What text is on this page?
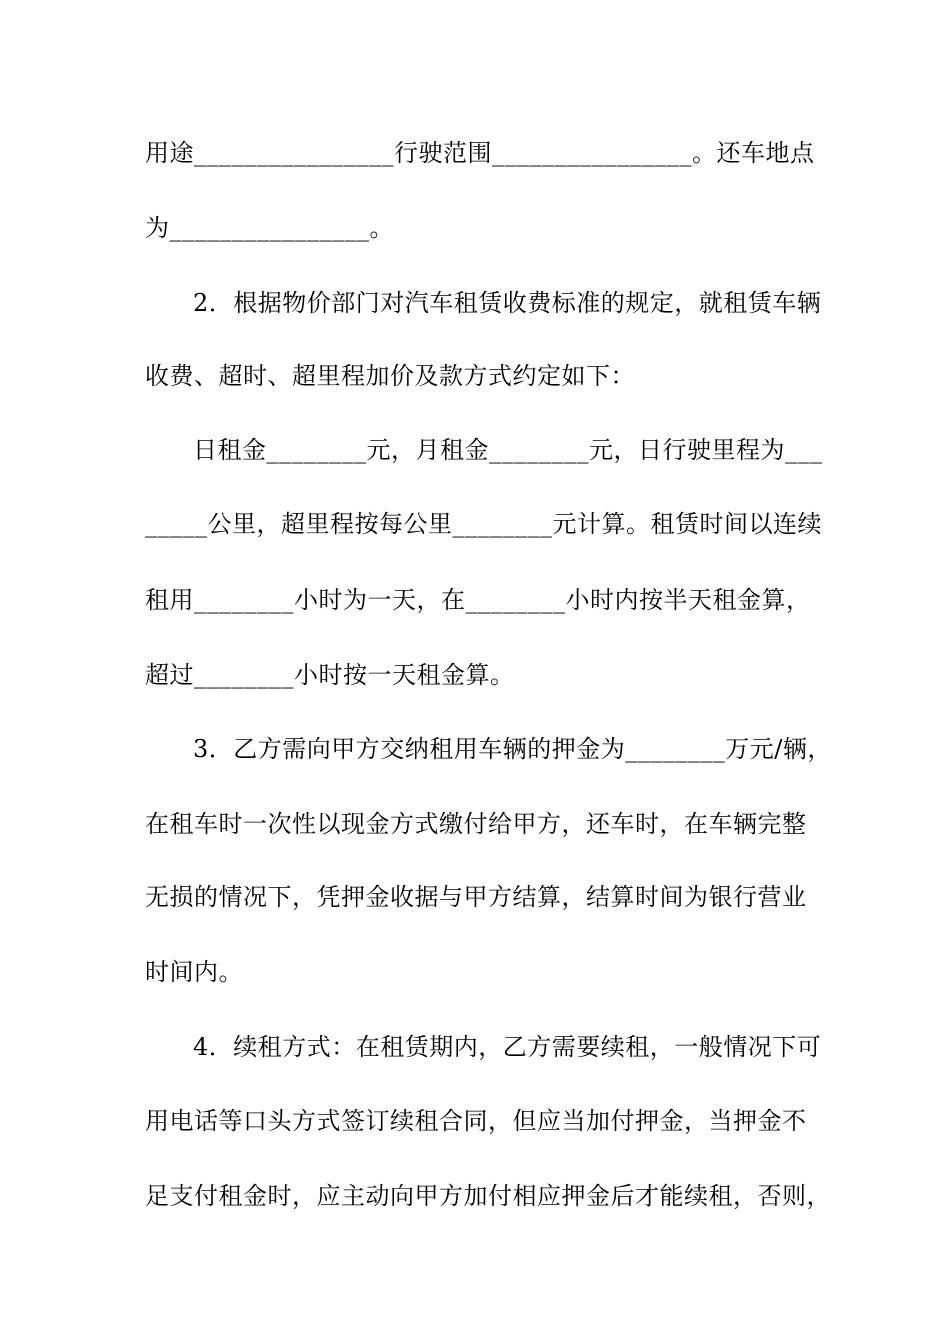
用途________________行驶范围________________。还车地点
为________________。
2．根据物价部门对汽车租赁收费标准的规定，就租赁车辆
收费、超时、超里程加价及款方式约定如下：
日租金________元，月租金________元，日行驶里程为___
_____公里，超里程按每公里________元计算。租赁时间以连续
租用________小时为一天，在________小时内按半天租金算，
超过________小时按一天租金算。
3．乙方需向甲方交纳租用车辆的押金为________万元/辆，
在租车时一次性以现金方式缴付给甲方，还车时，在车辆完整
无损的情况下，凭押金收据与甲方结算，结算时间为银行营业
时间内。
4．续租方式：在租赁期内，乙方需要续租，一般情况下可
用电话等口头方式签订续租合同，但应当加付押金，当押金不
足支付租金时，应主动向甲方加付相应押金后才能续租，否则，
